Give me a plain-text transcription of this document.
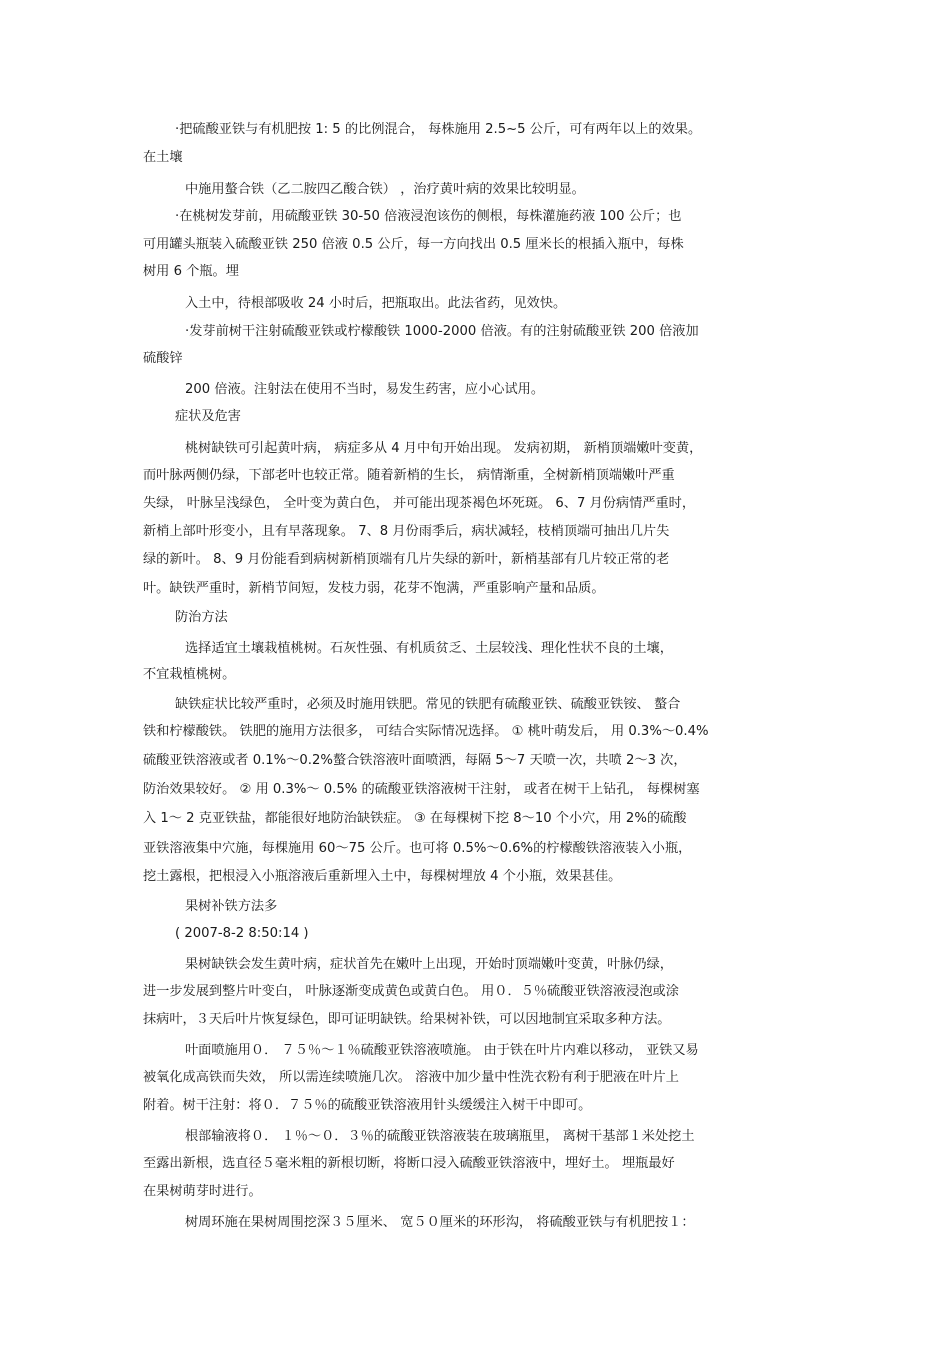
·把硫酸亚铁与有机肥按 1: 5 的比例混合， 每株施用 2.5~5 公斤，可有两年以上的效果。

在土壤

中施用螯合铁（乙二胺四乙酸合铁） ，治疗黄叶病的效果比较明显。

·在桃树发芽前，用硫酸亚铁 30-50 倍液浸泡该伤的侧根，每株灌施药液 100 公斤；也

可用罐头瓶装入硫酸亚铁 250 倍液 0.5 公斤，每一方向找出 0.5 厘米长的根插入瓶中，每株

树用 6 个瓶。埋

入土中，待根部吸收 24 小时后，把瓶取出。此法省药，见效快。

·发芽前树干注射硫酸亚铁或柠檬酸铁 1000-2000 倍液。有的注射硫酸亚铁 200 倍液加

硫酸锌

200 倍液。注射法在使用不当时，易发生药害，应小心试用。

症状及危害

桃树缺铁可引起黄叶病， 病症多从 4 月中旬开始出现。 发病初期， 新梢顶端嫩叶变黄，

而叶脉两侧仍绿，下部老叶也较正常。随着新梢的生长， 病情渐重，全树新梢顶端嫩叶严重

失绿， 叶脉呈浅绿色， 全叶变为黄白色， 并可能出现茶褐色坏死斑。 6、7 月份病情严重时，

新梢上部叶形变小，且有早落现象。 7、8 月份雨季后，病状减轻，枝梢顶端可抽出几片失

绿的新叶。 8、9 月份能看到病树新梢顶端有几片失绿的新叶，新梢基部有几片较正常的老

叶。缺铁严重时，新梢节间短，发枝力弱，花芽不饱满，严重影响产量和品质。

防治方法

选择适宜土壤栽植桃树。石灰性强、有机质贫乏、土层较浅、理化性状不良的土壤，

不宜栽植桃树。

缺铁症状比较严重时，必须及时施用铁肥。常见的铁肥有硫酸亚铁、硫酸亚铁铵、 螯合

铁和柠檬酸铁。 铁肥的施用方法很多， 可结合实际情况选择。 ① 桃叶萌发后， 用 0.3%～0.4%

硫酸亚铁溶液或者 0.1%～0.2%螯合铁溶液叶面喷洒，每隔 5～7 天喷一次，共喷 2～3 次，

防治效果较好。 ② 用 0.3%～ 0.5% 的硫酸亚铁溶液树干注射， 或者在树干上钻孔， 每棵树塞

入 1～ 2 克亚铁盐，都能很好地防治缺铁症。 ③ 在每棵树下挖 8～10 个小穴，用 2%的硫酸

亚铁溶液集中穴施，每棵施用 60～75 公斤。也可将 0.5%～0.6%的柠檬酸铁溶液装入小瓶，

挖土露根，把根浸入小瓶溶液后重新埋入土中，每棵树埋放 4 个小瓶，效果甚佳。

果树补铁方法多

( 2007-8-2 8:50:14 )

果树缺铁会发生黄叶病，症状首先在嫩叶上出现，开始时顶端嫩叶变黄，叶脉仍绿，

进一步发展到整片叶变白， 叶脉逐渐变成黄色或黄白色。 用０．５％硫酸亚铁溶液浸泡或涂

抹病叶，３天后叶片恢复绿色，即可证明缺铁。给果树补铁，可以因地制宜采取多种方法。

叶面喷施用０． ７５％～１％硫酸亚铁溶液喷施。 由于铁在叶片内难以移动， 亚铁又易

被氧化成高铁而失效， 所以需连续喷施几次。 溶液中加少量中性洗衣粉有利于肥液在叶片上

附着。树干注射：将０．７５％的硫酸亚铁溶液用针头缓缓注入树干中即可。

根部输液将０． １％～０．３％的硫酸亚铁溶液装在玻璃瓶里， 离树干基部１米处挖土

至露出新根，选直径５毫米粗的新根切断，将断口浸入硫酸亚铁溶液中，埋好土。 埋瓶最好

在果树萌芽时进行。

树周环施在果树周围挖深３５厘米、 宽５０厘米的环形沟， 将硫酸亚铁与有机肥按１：
